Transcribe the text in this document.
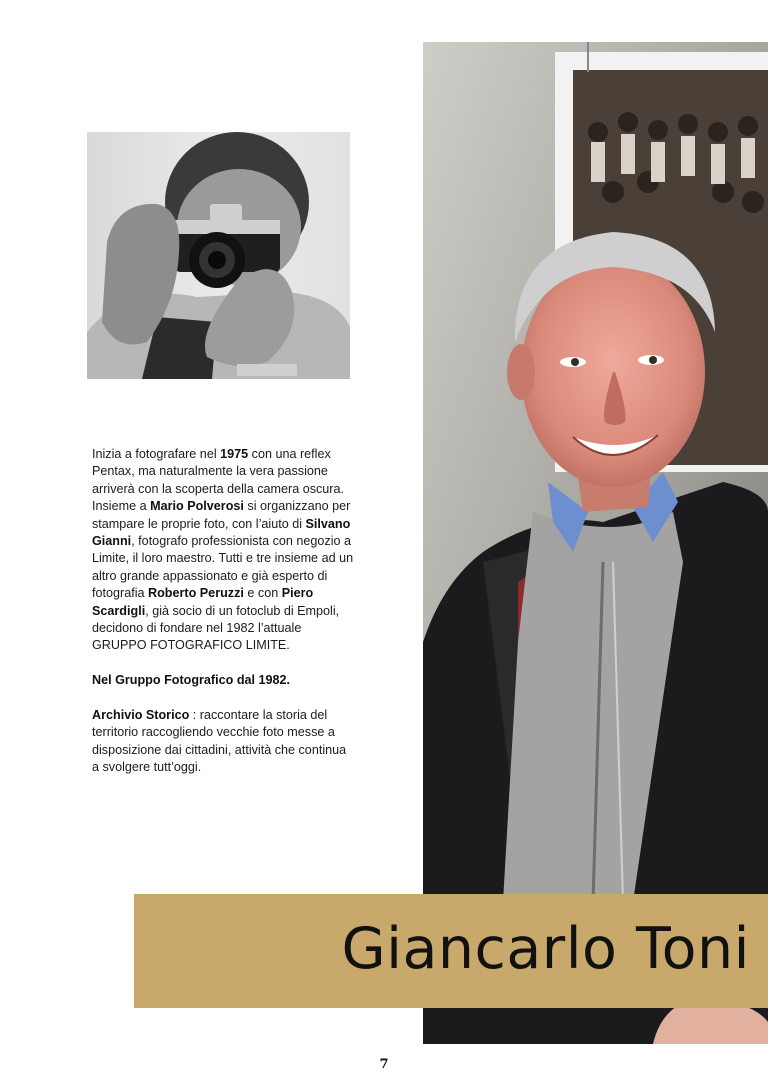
Inizia a fotografare nel 1975 con una reflex Pentax, ma naturalmente la vera passione arriverà con la scoperta della camera oscura. Insieme a Mario Polverosi si organizzano per stampare le proprie foto, con l’aiuto di Silvano Gianni, fotografo professionista con negozio a Limite, il loro maestro. Tutti e tre insieme ad un altro grande appassionato e già esperto di fotografia Roberto Peruzzi e con Piero Scardigli, già socio di un fotoclub di Empoli, decidono di fondare nel 1982 l’attuale GRUPPO FOTOGRAFICO LIMITE.

Nel Gruppo Fotografico dal 1982.

Archivio Storico : raccontare la storia del territorio raccogliendo vecchie foto messe a disposizione dai cittadini, attività che continua a svolgere tutt’oggi.

Giancarlo Toni
7
